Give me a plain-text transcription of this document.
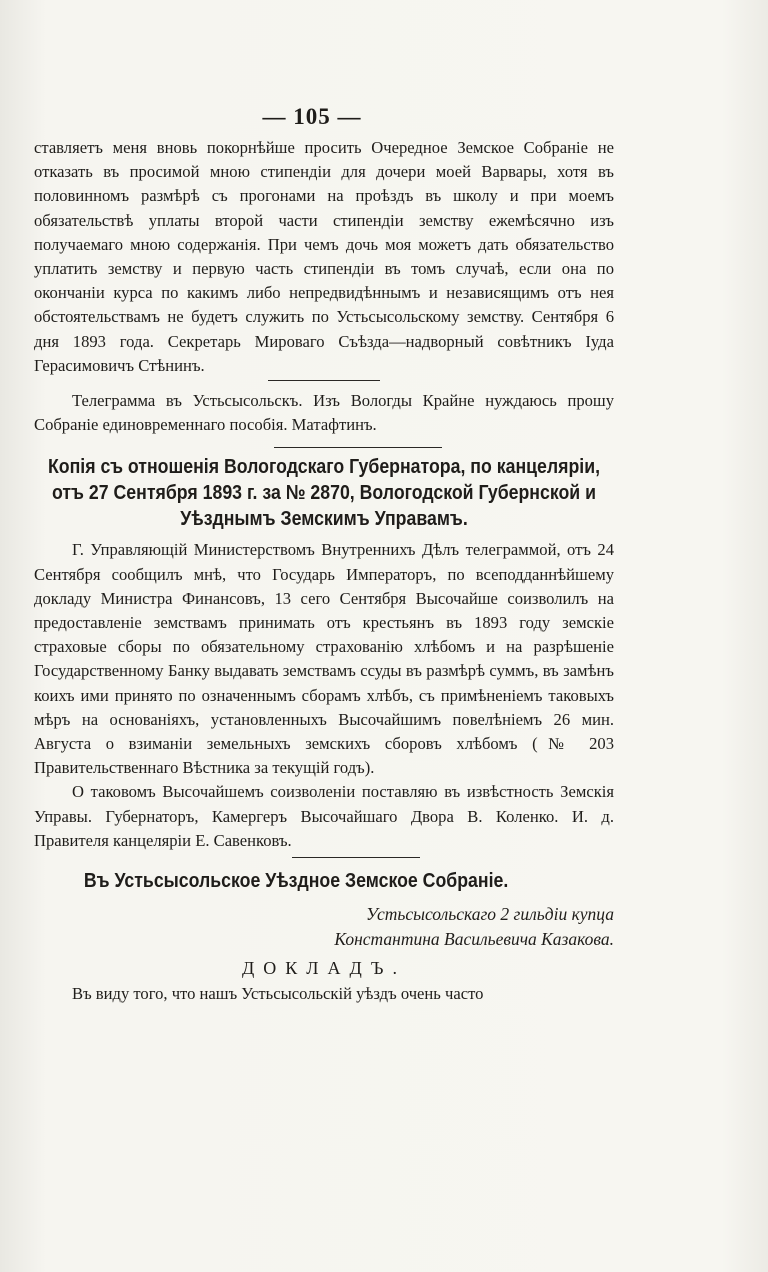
— 105 —

ставляетъ меня вновь покорнѣйше просить Очередное Земское Собраніе не отказать въ просимой мною стипендіи для дочери моей Варвары, хотя въ половинномъ размѣрѣ съ прогонами на проѣздъ въ школу и при моемъ обязательствѣ уплаты второй части стипендіи земству ежемѣсячно изъ получаемаго мною содержанія. При чемъ дочь моя можетъ дать обязательство уплатить земству и первую часть стипендіи въ томъ случаѣ, если она по окончаніи курса по какимъ либо непредвидѣннымъ и независящимъ отъ нея обстоятельствамъ не будетъ служить по Устьсысольскому земству. Сентября 6 дня 1893 года. Секретарь Мироваго Съѣзда—надворный совѣтникъ Іуда Герасимовичъ Стѣнинъ.

Телеграмма въ Устьсысольскъ. Изъ Вологды Крайне нуждаюсь прошу Собраніе единовременнаго пособія. Матафтинъ.

Копія съ отношенія Вологодскаго Губернатора, по канцеляріи, отъ 27 Сентября 1893 г. за № 2870, Вологодской Губернской и Уѣзднымъ Земскимъ Управамъ.

Г. Управляющій Министерствомъ Внутреннихъ Дѣлъ телеграммой, отъ 24 Сентября сообщилъ мнѣ, что Государь Императоръ, по всеподданнѣйшему докладу Министра Финансовъ, 13 сего Сентября Высочайше соизволилъ на предоставленіе земствамъ принимать отъ крестьянъ въ 1893 году земскіе страховые сборы по обязательному страхованію хлѣбомъ и на разрѣшеніе Государственному Банку выдавать земствамъ ссуды въ размѣрѣ суммъ, въ замѣнъ коихъ ими принято по означеннымъ сборамъ хлѣбъ, съ примѣненіемъ таковыхъ мѣръ на основаніяхъ, установленныхъ Высочайшимъ повелѣніемъ 26 мин. Августа о взиманіи земельныхъ земскихъ сборовъ хлѣбомъ (№ 203 Правительственнаго Вѣстника за текущій годъ).

О таковомъ Высочайшемъ соизволеніи поставляю въ извѣстность Земскія Управы. Губернаторъ, Камергеръ Высочайшаго Двора В. Коленко. И. д. Правителя канцеляріи Е. Савенковъ.

Въ Устьсысольское Уѣздное Земское Собраніе.
Устьсысольскаго 2 гильдіи купца
Константина Васильевича Казакова.
ДОКЛАДЪ.

Въ виду того, что нашъ Устьсысольскій уѣздъ очень часто
